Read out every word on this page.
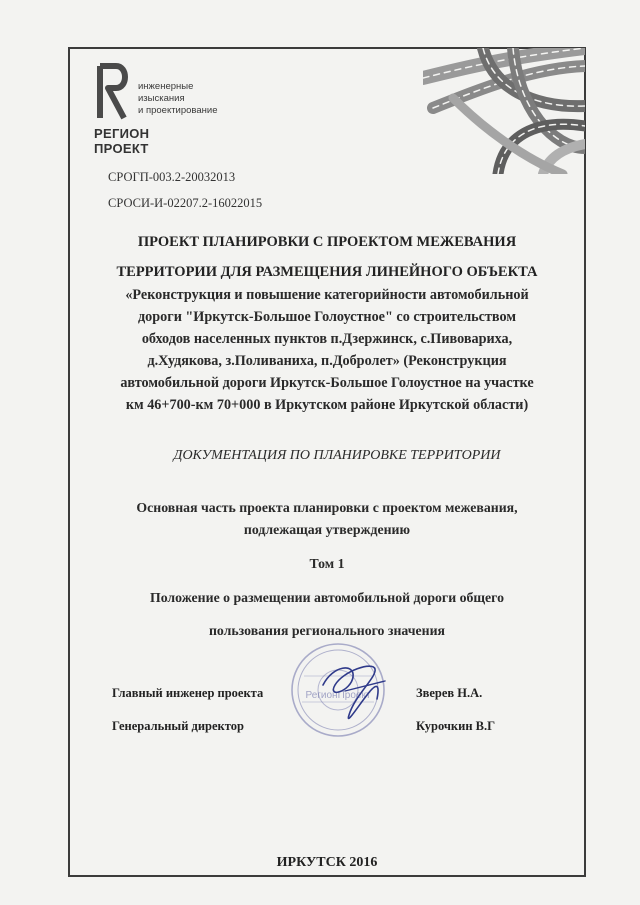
инженерные
изыскания
и проектирование
РЕГИОН
ПРОЕКТ
СРОГП-003.2-20032013
СРОСИ-И-02207.2-16022015
ПРОЕКТ ПЛАНИРОВКИ С ПРОЕКТОМ МЕЖЕВАНИЯ
ТЕРРИТОРИИ ДЛЯ РАЗМЕЩЕНИЯ ЛИНЕЙНОГО ОБЪЕКТА
«Реконструкция и повышение категорийности автомобильной
дороги "Иркутск-Большое Голоустное" со строительством
обходов населенных пунктов п.Дзержинск, с.Пивовариха,
д.Худякова, з.Поливаниха, п.Добролет» (Реконструкция
автомобильной дороги Иркутск-Большое Голоустное на участке
км 46+700-км 70+000 в Иркутском районе Иркутской области)
ДОКУМЕНТАЦИЯ ПО ПЛАНИРОВКЕ ТЕРРИТОРИИ
Основная часть проекта планировки с проектом межевания,
подлежащая утверждению
Том 1
Положение о размещении автомобильной дороги общего
пользования регионального значения
РегионПроект
Главный инженер проекта	Зверев Н.А.
Генеральный директор	Курочкин В.Г
ИРКУТСК 2016
